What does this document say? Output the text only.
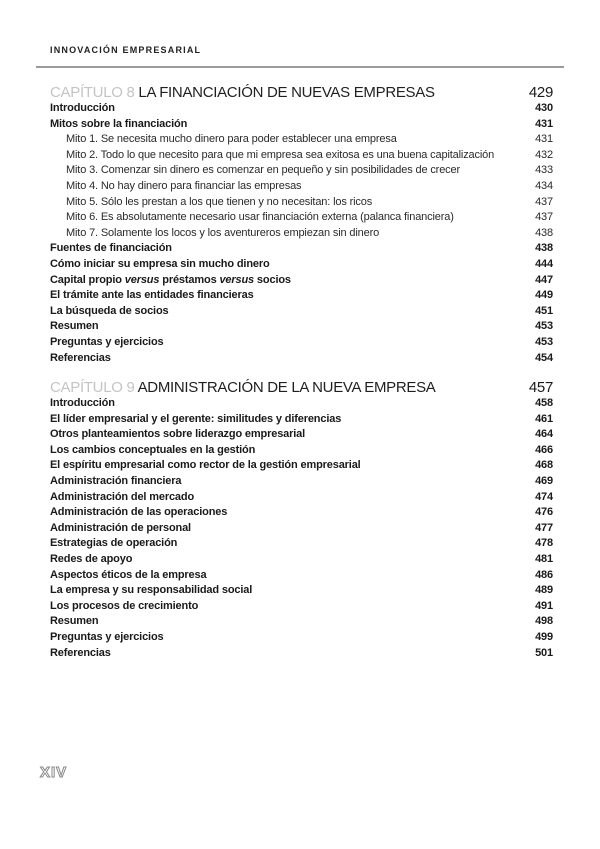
INNOVACIÓN EMPRESARIAL
CAPÍTULO 8 LA FINANCIACIÓN DE NUEVAS EMPRESAS	429
Introducción	430
Mitos sobre la financiación	431
Mito 1. Se necesita mucho dinero para poder establecer una empresa	431
Mito 2. Todo lo que necesito para que mi empresa sea exitosa es una buena capitalización	432
Mito 3. Comenzar sin dinero es comenzar en pequeño y sin posibilidades de crecer	433
Mito 4. No hay dinero para financiar las empresas	434
Mito 5. Sólo les prestan a los que tienen y no necesitan: los ricos	437
Mito 6. Es absolutamente necesario usar financiación externa (palanca financiera)	437
Mito 7. Solamente los locos y los aventureros empiezan sin dinero	438
Fuentes de financiación	438
Cómo iniciar su empresa sin mucho dinero	444
Capital propio versus préstamos versus socios	447
El trámite ante las entidades financieras	449
La búsqueda de socios	451
Resumen	453
Preguntas y ejercicios	453
Referencias	454
CAPÍTULO 9 ADMINISTRACIÓN DE LA NUEVA EMPRESA	457
Introducción	458
El líder empresarial y el gerente: similitudes y diferencias	461
Otros planteamientos sobre liderazgo empresarial	464
Los cambios conceptuales en la gestión	466
El espíritu empresarial como rector de la gestión empresarial	468
Administración financiera	469
Administración del mercado	474
Administración de las operaciones	476
Administración de personal	477
Estrategias de operación	478
Redes de apoyo	481
Aspectos éticos de la empresa	486
La empresa y su responsabilidad social	489
Los procesos de crecimiento	491
Resumen	498
Preguntas y ejercicios	499
Referencias	501
XIV
